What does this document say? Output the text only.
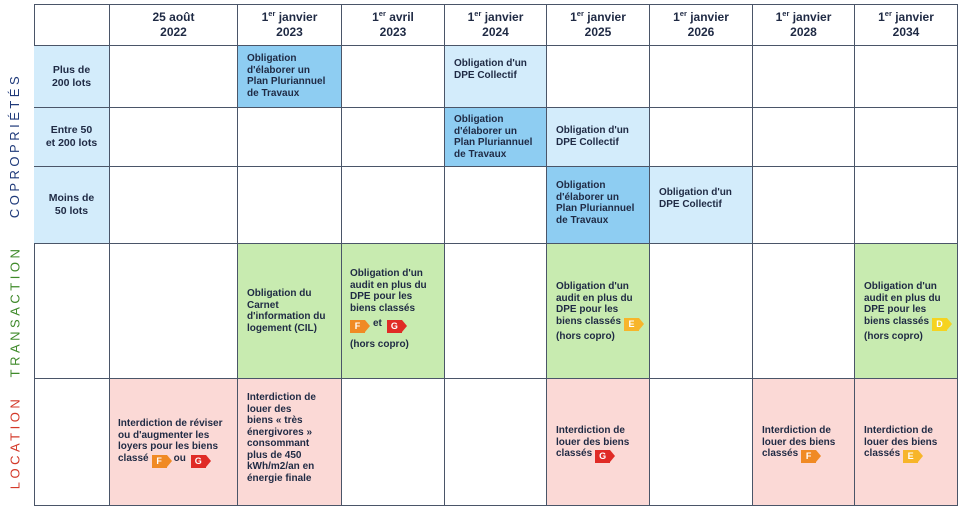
COPROPRIÉTÉS
TRANSACTION
LOCATION
25 août
2022
1er janvier
2023
1er avril
2023
1er janvier
2024
1er janvier
2025
1er janvier
2026
1er janvier
2028
1er janvier
2034
Plus de
200 lots
Obligation
d'élaborer un
Plan Pluriannuel
de Travaux
Obligation d'un
DPE Collectif
Entre 50
et 200 lots
Obligation
d'élaborer un
Plan Pluriannuel
de Travaux
Obligation d'un
DPE Collectif
Moins de
50 lots
Obligation
d'élaborer un
Plan Pluriannuel
de Travaux
Obligation d'un
DPE Collectif
Obligation du
Carnet
d'information du
logement (CIL)
Obligation d'un
audit en plus du
DPE pour les
biens classés
F et G
(hors copro)
Obligation d'un
audit en plus du
DPE pour les
biens classés E
(hors copro)
Obligation d'un
audit en plus du
DPE pour les
biens classés D
(hors copro)
Interdiction de réviser
ou d'augmenter les
loyers pour les biens
classé F ou G
Interdiction de
louer des
biens « très
énergivores »
consommant
plus de 450
kWh/m2/an en
énergie finale
Interdiction de
louer des biens
classés G
Interdiction de
louer des biens
classés F
Interdiction de
louer des biens
classés E
